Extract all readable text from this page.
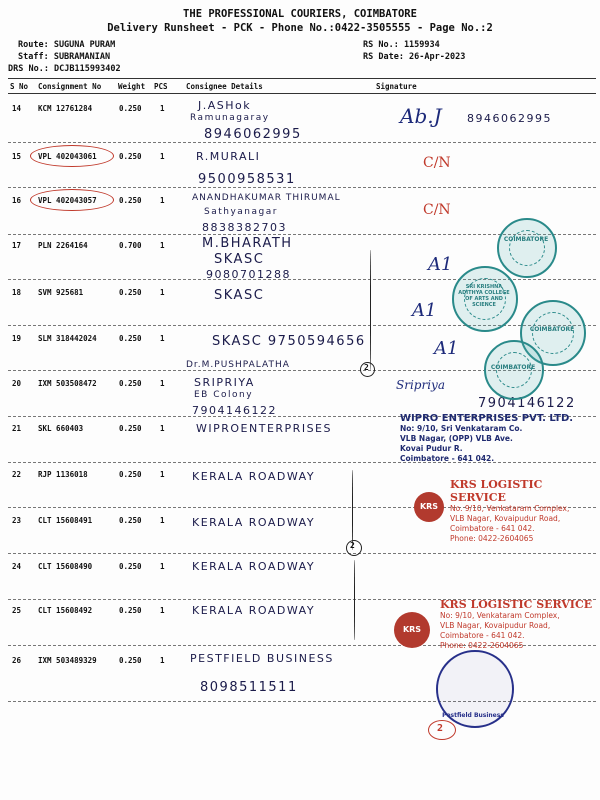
THE PROFESSIONAL COURIERS, COIMBATORE
Delivery Runsheet - PCK - Phone No.:0422-3505555 - Page No.:2
Route: SUGUNA PURAM
Staff: SUBRAMANIAN
DRS No.: DCJB115993402
RS No.: 1159934
RS Date: 26-Apr-2023
S No Consignment No Weight PCS Consignee Details	Signature
14 KCM 12761284	0.250 1	J.ASHok
Ramunagaray
8946062995
Ab.J 8946062995
15 VPL 402043061	0.250 1	R.MURALI
9500958531
C/N
16 VPL 402043057	0.250 1	ANANDHAKUMAR THIRUMAL
Sathyanagar
8838382703
C/N
17 PLN 2264164	0.700 1	M.BHARATH
SKASC
9080701288	A1
18 SVM 925681	0.250 1	SKASC
A1
19 SLM 318442024	0.250 1	SKASC 9750594656
Dr.M.PUSHPALATHA
A1
20 IXM 503508472	0.250 1	SRIPRIYA
EB Colony
7904146122
Sripriya
7904146122
21 SKL 660403	0.250 1	WIPROENTERPRISES
WIPRO ENTERPRISES PVT. LTD.
No: 9/10, Sri Venkataram Co.
VLB Nagar, (OPP) VLB Ave.
Kovai Pudur R.
Coimbatore - 641 042.
22 RJP 1136018	0.250 1 KERALA ROADWAY
23 CLT 15608491	0.250 1 KERALA ROADWAY
24 CLT 15608490	0.250 1 KERALA ROADWAY
25 CLT 15608492	0.250 1 KERALA ROADWAY
26 IXM 503489329	0.250 1 PESTFIELD BUSINESS
8098511511
2
2
COIMBATORE
SRI KRISHNA ADITHYA COLLEGE OF ARTS AND SCIENCE
COIMBATORE
COIMBATORE
KRS
KRS LOGISTIC SERVICE
No. 9/10, Venkataram Complex,
VLB Nagar, Kovaipudur Road,
Coimbatore - 641 042.
Phone: 0422-2604065
KRS
KRS LOGISTIC SERVICE
No: 9/10, Venkataram Complex,
VLB Nagar, Kovaipudur Road,
Coimbatore - 641 042.
Phone: 0422-2604065
Pestfield Business
2
